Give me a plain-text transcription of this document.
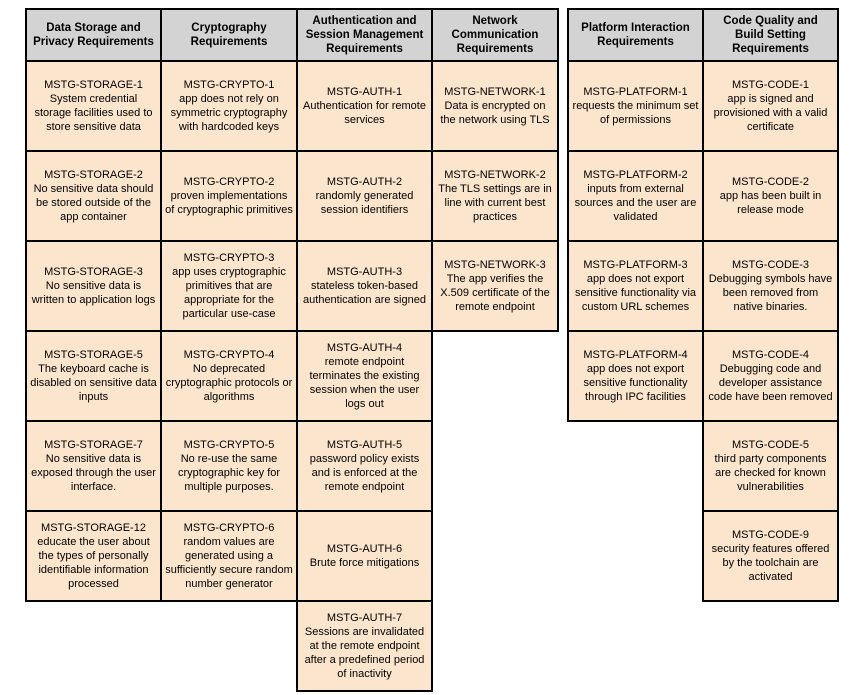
Data Storage and Privacy Requirements
MSTG-STORAGE-1
System credential storage facilities used to store sensitive data
MSTG-STORAGE-2
No sensitive data should be stored outside of the app container
MSTG-STORAGE-3
No sensitive data is written to application logs
MSTG-STORAGE-5
The keyboard cache is disabled on sensitive data inputs
MSTG-STORAGE-7
No sensitive data is exposed through the user interface.
MSTG-STORAGE-12
educate the user about the types of personally identifiable information processed
Cryptography Requirements
MSTG-CRYPTO-1
app does not rely on symmetric cryptography with hardcoded keys
MSTG-CRYPTO-2
proven implementations of cryptographic primitives
MSTG-CRYPTO-3
app uses cryptographic primitives that are appropriate for the particular use-case
MSTG-CRYPTO-4
No deprecated cryptographic protocols or algorithms
MSTG-CRYPTO-5
No re-use the same cryptographic key for multiple purposes.
MSTG-CRYPTO-6
random values are generated using a sufficiently secure random number generator
Authentication and Session Management Requirements
MSTG-AUTH-1
Authentication for remote services
MSTG-AUTH-2
randomly generated session identifiers
MSTG-AUTH-3
stateless token-based authentication are signed
MSTG-AUTH-4
remote endpoint terminates the existing session when the user logs out
MSTG-AUTH-5
password policy exists and is enforced at the remote endpoint
MSTG-AUTH-6
Brute force mitigations
MSTG-AUTH-7
Sessions are invalidated at the remote endpoint after a predefined period of inactivity
Network Communication Requirements
MSTG-NETWORK-1
Data is encrypted on the network using TLS
MSTG-NETWORK-2
The TLS settings are in line with current best practices
MSTG-NETWORK-3
The app verifies the X.509 certificate of the remote endpoint
Platform Interaction Requirements
MSTG-PLATFORM-1
requests the minimum set of permissions
MSTG-PLATFORM-2
inputs from external sources and the user are validated
MSTG-PLATFORM-3
app does not export sensitive functionality via custom URL schemes
MSTG-PLATFORM-4
app does not export sensitive functionality through IPC facilities
Code Quality and Build Setting Requirements
MSTG-CODE-1
app is signed and provisioned with a valid certificate
MSTG-CODE-2
app has been built in release mode
MSTG-CODE-3
Debugging symbols have been removed from native binaries.
MSTG-CODE-4
Debugging code and developer assistance code have been removed
MSTG-CODE-5
third party components are checked for known vulnerabilities
MSTG-CODE-9
security features offered by the toolchain are activated
